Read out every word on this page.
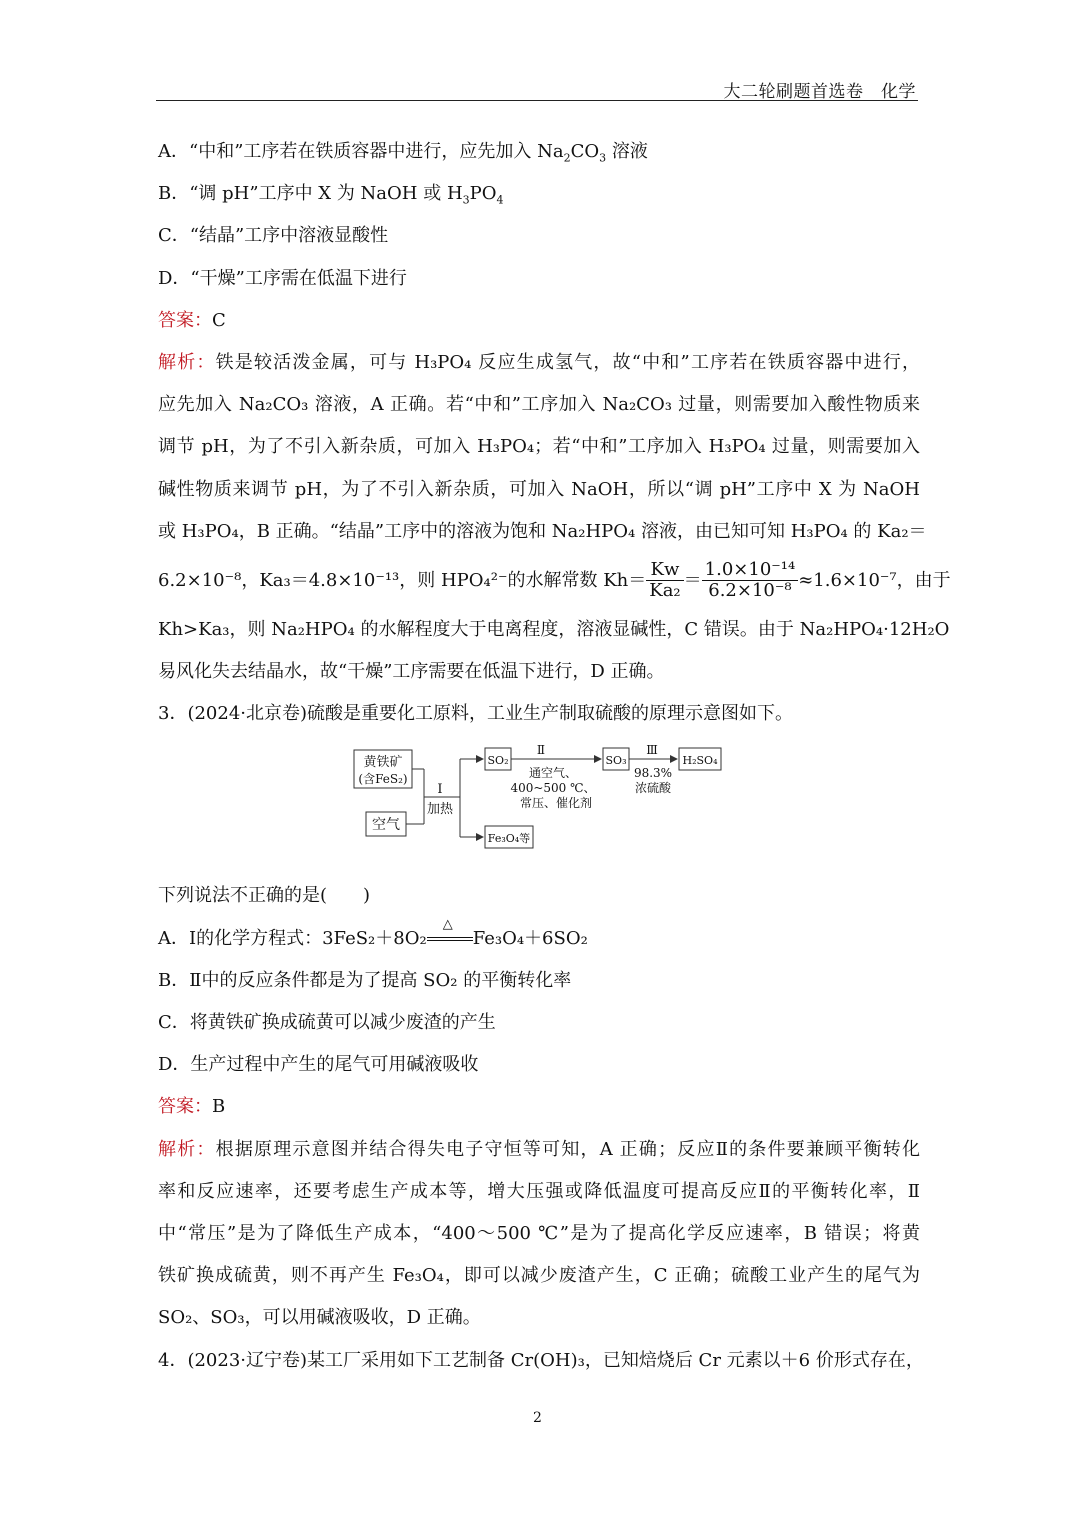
大二轮刷题首选卷　化学
A．“中和”工序若在铁质容器中进行，应先加入 $Na_2CO_3$ 溶液
B．“调 pH”工序中 X 为 NaOH 或 $H_3PO_4$
C．“结晶”工序中溶液显酸性
D．“干燥”工序需在低温下进行
答案：C
解析：铁是较活泼金属，可与 H₃PO₄ 反应生成氢气，故“中和”工序若在铁质容器中进行，
应先加入 Na₂CO₃ 溶液，A 正确。若“中和”工序加入 Na₂CO₃ 过量，则需要加入酸性物质来
调节 pH，为了不引入新杂质，可加入 H₃PO₄；若“中和”工序加入 H₃PO₄ 过量，则需要加入
碱性物质来调节 pH，为了不引入新杂质，可加入 NaOH，所以“调 pH”工序中 X 为 NaOH
或 H₃PO₄，B 正确。“结晶”工序中的溶液为饱和 Na₂HPO₄ 溶液，由已知可知 H₃PO₄ 的 Ka₂＝
6.2×10⁻⁸，Ka₃＝4.8×10⁻¹³，则 HPO₄²⁻的水解常数 $Kh= \frac{Kw}{\text{Ka₂}} = \frac{\text{1.0×10⁻¹⁴}}{\text{6.2×10⁻⁸}} \approx 1.6\times 10^{-7}$，由于
Kh>Ka₃，则 Na₂HPO₄ 的水解程度大于电离程度，溶液显碱性，C 错误。由于 Na₂HPO₄·12H₂O
易风化失去结晶水，故“干燥”工序需要在低温下进行，D 正确。
3．(2024·北京卷)硫酸是重要化工原料，工业生产制取硫酸的原理示意图如下。
黄铁矿
(含FeS₂)
空气
Ⅰ
加热
SO₂
Ⅱ
通空气、
400~500 ℃、
常压、催化剂
SO₃
Ⅲ
98.3%
浓硫酸
H₂SO₄
Fe₃O₄等
下列说法不正确的是(　　)
A．Ⅰ的化学方程式：3FeS₂＋8O₂
△
Fe₃O₄＋6SO₂
B．Ⅱ中的反应条件都是为了提高 SO₂ 的平衡转化率
C．将黄铁矿换成硫黄可以减少废渣的产生
D．生产过程中产生的尾气可用碱液吸收
答案：B
解析：根据原理示意图并结合得失电子守恒等可知，A 正确；反应Ⅱ的条件要兼顾平衡转化
率和反应速率，还要考虑生产成本等，增大压强或降低温度可提高反应Ⅱ的平衡转化率，Ⅱ
中“常压”是为了降低生产成本，“400～500 ℃”是为了提高化学反应速率，B 错误；将黄
铁矿换成硫黄，则不再产生 Fe₃O₄，即可以减少废渣产生，C 正确；硫酸工业产生的尾气为
SO₂、SO₃，可以用碱液吸收，D 正确。
4．(2023·辽宁卷)某工厂采用如下工艺制备 Cr(OH)₃，已知焙烧后 Cr 元素以＋6 价形式存在，
2
